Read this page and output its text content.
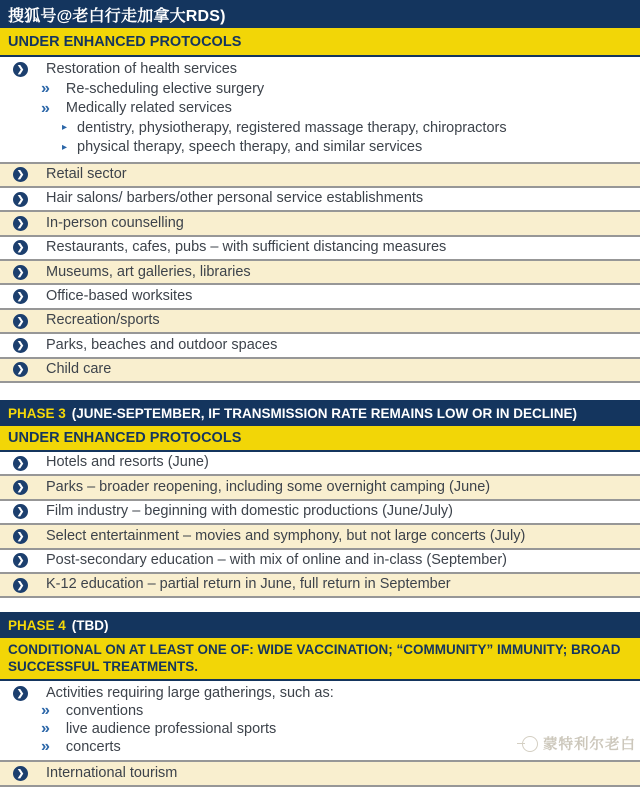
搜狐号@老白行走加拿大RDS)
UNDER ENHANCED PROTOCOLS
❯ Restoration of health services
» Re-scheduling elective surgery
» Medically related services
▸ dentistry, physiotherapy, registered massage therapy, chiropractors
▸ physical therapy, speech therapy, and similar services
❯ Retail sector
❯ Hair salons/ barbers/other personal service establishments
❯ In-person counselling
❯ Restaurants, cafes, pubs – with sufficient distancing measures
❯ Museums, art galleries, libraries
❯ Office-based worksites
❯ Recreation/sports
❯ Parks, beaches and outdoor spaces
❯ Child care
PHASE 3 (JUNE-SEPTEMBER, IF TRANSMISSION RATE REMAINS LOW OR IN DECLINE)
UNDER ENHANCED PROTOCOLS
❯ Hotels and resorts (June)
❯ Parks – broader reopening, including some overnight camping (June)
❯ Film industry – beginning with domestic productions (June/July)
❯ Select entertainment – movies and symphony, but not large concerts (July)
❯ Post-secondary education – with mix of online and in-class (September)
❯ K-12 education – partial return in June, full return in September
PHASE 4 (TBD)
CONDITIONAL ON AT LEAST ONE OF: WIDE VACCINATION; “COMMUNITY” IMMUNITY; BROAD SUCCESSFUL TREATMENTS.
❯ Activities requiring large gatherings, such as:
» conventions
» live audience professional sports
» concerts
❯ International tourism
蒙特利尔老白
